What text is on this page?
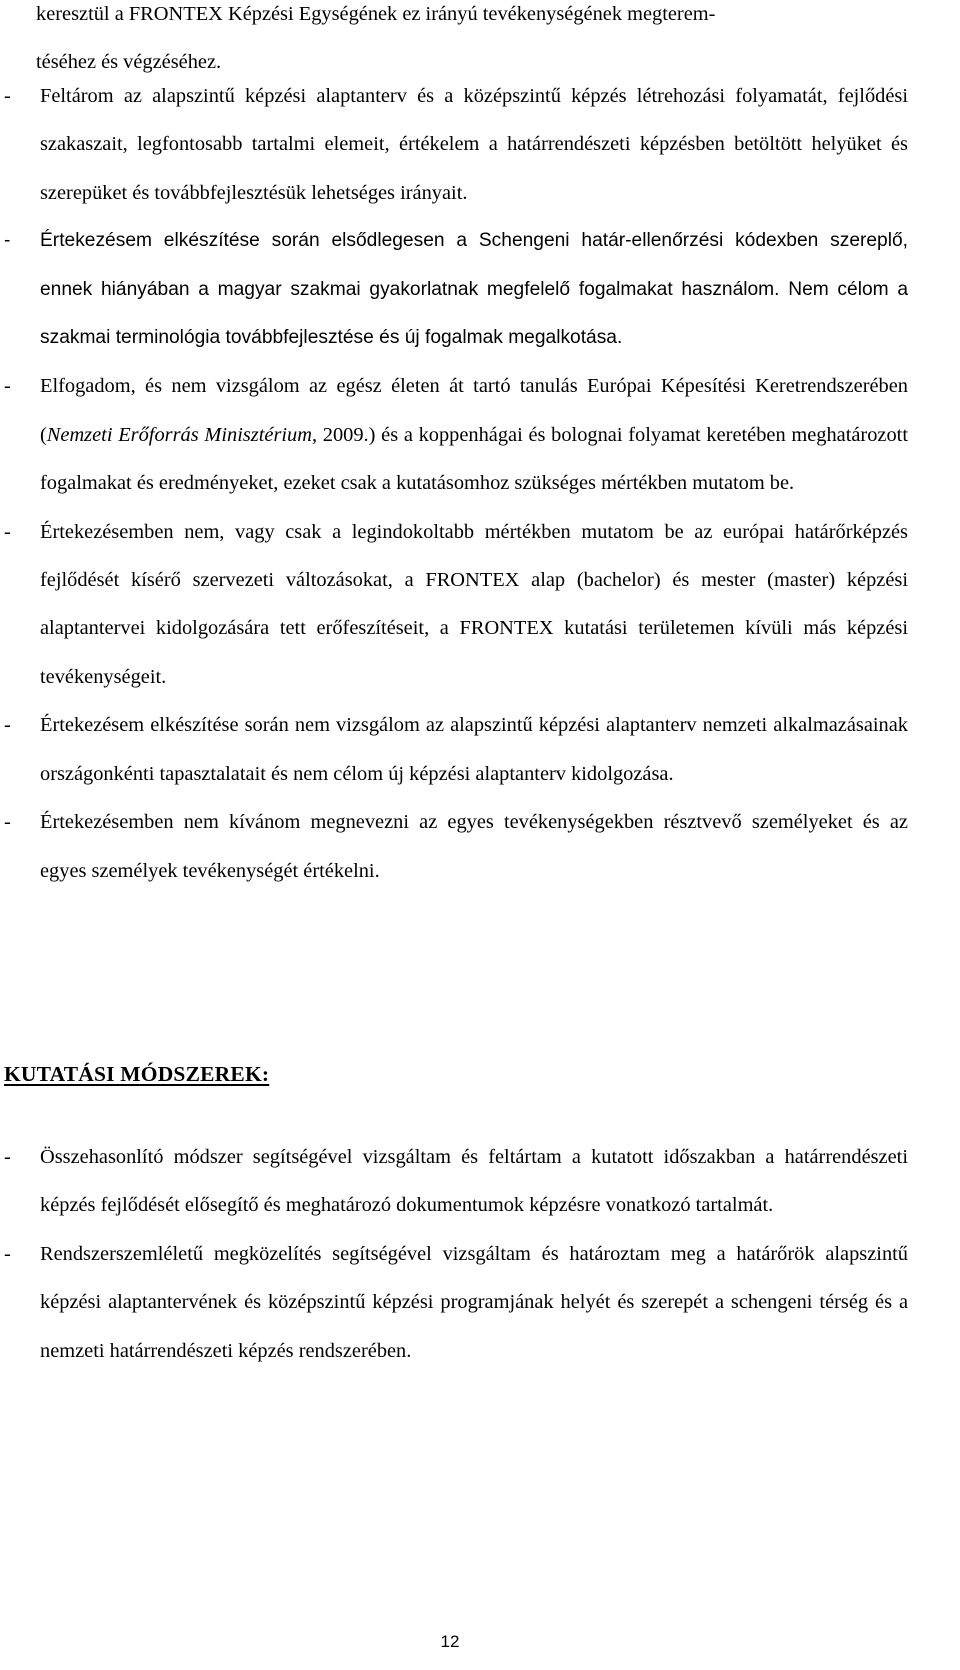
keresztül a FRONTEX Képzési Egységének ez irányú tevékenységének megterem-
téséhez és végzéséhez.
- Feltárom az alapszintű képzési alaptanterv és a középszintű képzés létrehozási folyamatát, fejlődési szakaszait, legfontosabb tartalmi elemeit, értékelem a határrendészeti képzésben betöltött helyüket és szerepüket és továbbfejlesztésük lehetséges irányait.
- Értekezésem elkészítése során elsődlegesen a Schengeni határ-ellenőrzési kódexben szereplő, ennek hiányában a magyar szakmai gyakorlatnak megfelelő fogalmakat használom. Nem célom a szakmai terminológia továbbfejlesztése és új fogalmak megalkotása.
- Elfogadom, és nem vizsgálom az egész életen át tartó tanulás Európai Képesítési Keretrendszerében (Nemzeti Erőforrás Minisztérium, 2009.) és a koppenhágai és bolognai folyamat keretében meghatározott fogalmakat és eredményeket, ezeket csak a kutatásomhoz szükséges mértékben mutatom be.
- Értekezésemben nem, vagy csak a legindokoltabb mértékben mutatom be az európai határőrképzés fejlődését kísérő szervezeti változásokat, a FRONTEX alap (bachelor) és mester (master) képzési alaptantervei kidolgozására tett erőfeszítéseit, a FRONTEX kutatási területemen kívüli más képzési tevékenységeit.
- Értekezésem elkészítése során nem vizsgálom az alapszintű képzési alaptanterv nemzeti alkalmazásainak országonkénti tapasztalatait és nem célom új képzési alaptanterv kidolgozása.
- Értekezésemben nem kívánom megnevezni az egyes tevékenységekben résztvevő személyeket és az egyes személyek tevékenységét értékelni.
KUTATÁSI MÓDSZEREK:
- Összehasonlító módszer segítségével vizsgáltam és feltártam a kutatott időszakban a határrendészeti képzés fejlődését elősegítő és meghatározó dokumentumok képzésre vonatkozó tartalmát.
- Rendszerszemléletű megközelítés segítségével vizsgáltam és határoztam meg a határőrök alapszintű képzési alaptantervének és középszintű képzési programjának helyét és szerepét a schengeni térség és a nemzeti határrendészeti képzés rendszerében.
12
